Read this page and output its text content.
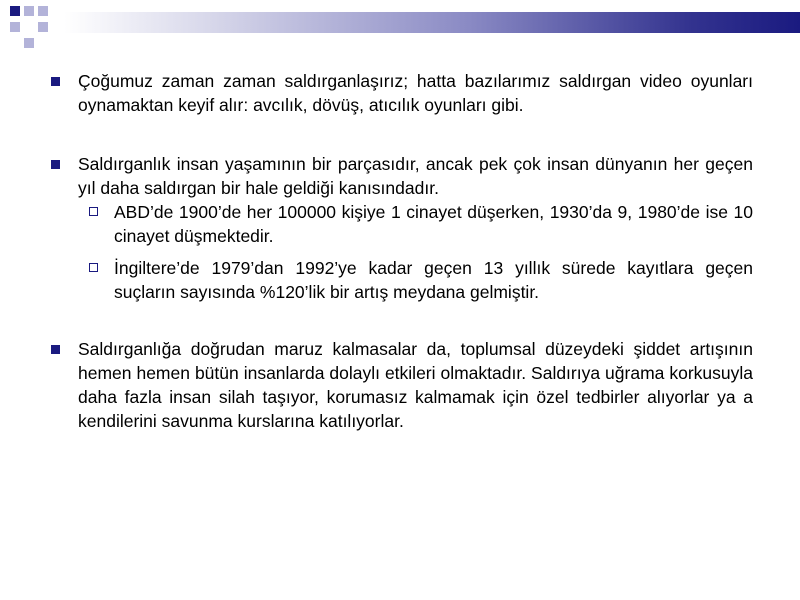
Çoğumuz zaman zaman saldırganlaşırız; hatta bazılarımız saldırgan video oyunları oynamaktan keyif alır: avcılık, dövüş, atıcılık oyunları gibi.
Saldırganlık insan yaşamının bir parçasıdır, ancak pek çok insan dünyanın her geçen yıl daha saldırgan bir hale geldiği kanısındadır.
ABD’de 1900’de her 100000 kişiye 1 cinayet düşerken, 1930’da 9, 1980’de ise 10 cinayet düşmektedir.
İngiltere’de 1979’dan 1992’ye kadar geçen 13 yıllık sürede kayıtlara geçen suçların sayısında %120’lik bir artış meydana gelmiştir.
Saldırganlığa doğrudan maruz kalmasalar da, toplumsal düzeydeki şiddet artışının hemen hemen bütün insanlarda dolaylı etkileri olmaktadır. Saldırıya uğrama korkusuyla daha fazla insan silah taşıyor, korumasız kalmamak için özel tedbirler alıyorlar ya a kendilerini savunma kurslarına katılıyorlar.
